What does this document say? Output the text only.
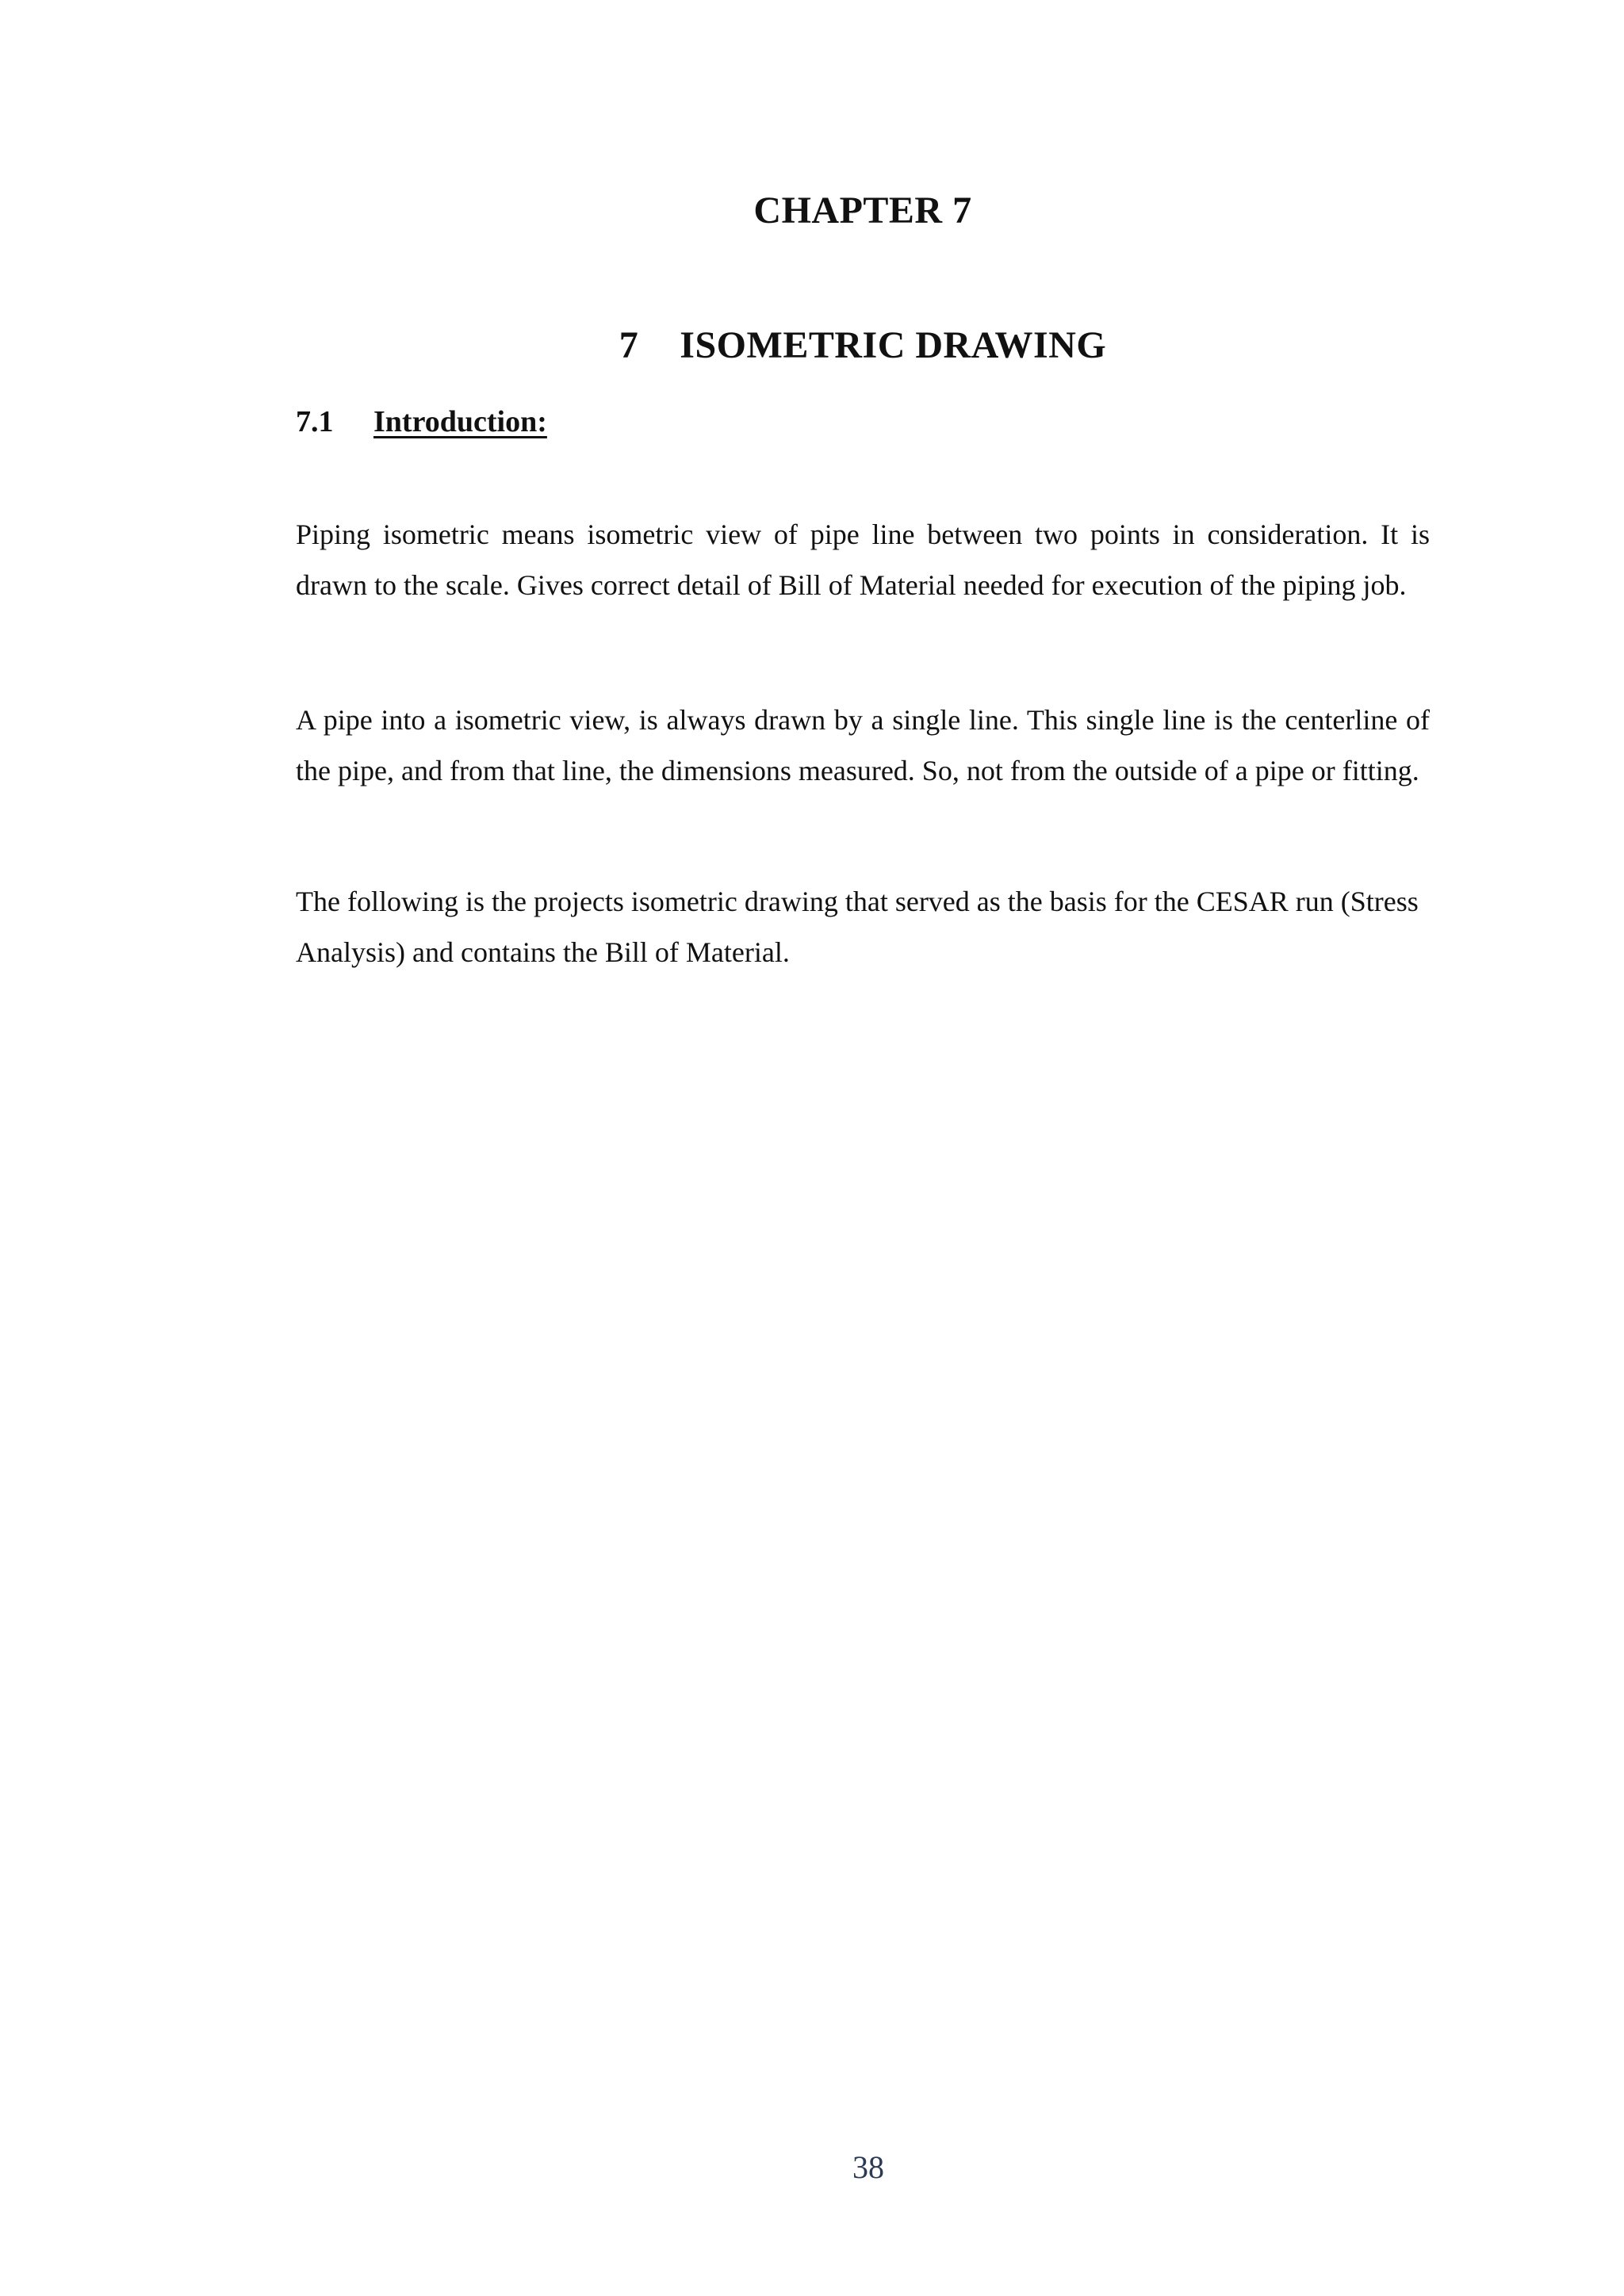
CHAPTER 7
7 ISOMETRIC DRAWING
7.1 Introduction:

Piping isometric means isometric view of pipe line between two points in consideration. It is drawn to the scale. Gives correct detail of Bill of Material needed for execution of the piping job.

A pipe into a isometric view, is always drawn by a single line. This single line is the centerline of the pipe, and from that line, the dimensions measured. So, not from the outside of a pipe or fitting.

The following is the projects isometric drawing that served as the basis for the CESAR run (Stress Analysis) and contains the Bill of Material.

38
